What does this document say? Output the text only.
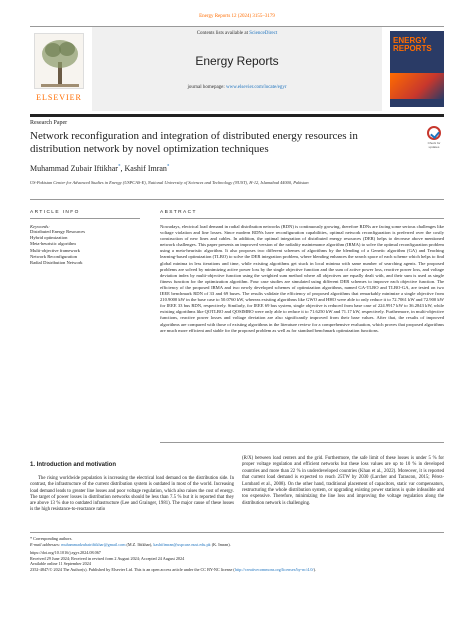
Energy Reports 12 (2024) 3155–3179
ELSEVIER
Contents lists available at ScienceDirect
Energy Reports
journal homepage: www.elsevier.com/locate/egyr
ENERGY REPORTS
Research Paper
Network reconfiguration and integration of distributed energy resources in distribution network by novel optimization techniques	Check for updates
Muhammad Zubair Iftikhar*, Kashif Imran*
US-Pakistan Center for Advanced Studies in Energy (USPCAS-E), National University of Sciences and Technology (NUST), H-12, Islamabad 44000, Pakistan
ARTICLE INFO
Keywords:
Distributed Energy Resources
Hybrid optimization
Meta-heuristic algorithm
Multi-objective framework
Network Reconfiguration
Radial Distribution Network
ABSTRACT
Nowadays, electrical load demand in radial distribution networks (RDN) is continuously growing, therefore RDNs are facing some serious challenges like voltage violation and line losses. Since modern RDNs have reconfiguration capabilities, optimal network reconfiguration is preferred over the costly construction of new lines and cables. In addition, the optimal integration of distributed energy resources (DER) helps to decrease above mentioned network challenges. This paper presents an improved version of the radiality maintenance algorithm (IRMA) to solve the optimal reconfiguration problem using a meta-heuristic algorithm. It also proposes two different schemes of algorithms by the blending of a Genetic algorithm (GA) and Teaching learning-based optimization (TLBO) to solve the DER integration problem, where blending enhances the search space of each scheme which helps to find global minima in less iterations and time, while existing algorithms get stuck in local minima with same number of searching agents. The proposed problems are solved by minimizing active power loss by the single objective function and the sum of active power loss, reactive power loss, and voltage deviation index by multi-objective function using the weighted sum method where all objectives are equally dealt with, and their sum is used as single fitness function for the optimization algorithm. Four case studies are simulated using different DER schemes to improve each objective function. The efficiency of the proposed IRMA and two newly developed schemes of optimization algorithms, named GA-TLBO and TLBO-GA, are tested on two IEEE benchmark RDN of 33 and 69 buses. The results validate the efficiency of proposed algorithms that remarkably minimize a single objective from 210.9000 kW in the base case to 50.0760 kW, whereas existing algorithms like GWO and HHO were able to only reduce it to 72.7061 kW and 72.900 kW for IEEE 33 bus RDN, respectively. Similarly, for IEEE 69 bus system, single objective is reduced from base case of 224.9917 kW to 36.2843 kW, while existing algorithms like QOTLBO and QOSIMBO were only able to reduce it to 71.6250 kW and 71.17 kW, respectively. Furthermore, in multi-objective functions, reactive power losses and voltage deviation are also significantly improved from their base values. After that, the results of improved algorithms are compared with those of existing algorithms in the literature review for a comprehensive evaluation, which proves that proposed algorithms are much more efficient and stable for the proposed problem as well as for standard benchmark optimization functions.
1. Introduction and motivation
The rising worldwide population is increasing the electrical load demand on the distribution side. In contrast, the infrastructure of the current distribution system is outdated in most of the world. Increasing load demand leads to greater line losses and poor voltage regulation, which also raises the cost of energy. The target of power losses in distribution networks should be less than 7.5 % but it is reported that they are above 13 % due to outdated infrastructure (Lee and Grainger, 1981). The major cause of these losses is the high resistance-to-reactance ratio
(R/X) between load centers and the grid. Furthermore, the safe limit of these losses is under 5 % for proper voltage regulation and efficient networks but these loss values are up to 10 % in developed countries and more than 22 % in underdeveloped countries (Khan et al., 2022). Moreover, it is reported that current load demand is expected to reach 25TW by 2030 (Larcher and Tarascon, 2015; Pérez-Lombard et al., 2008). On the other hand, traditional placement of capacitors, static var compensators, restructuring the whole distribution system, or upgrading existing power stations is quite infeasible and too expensive. Therefore, minimizing the line loss and improving the voltage regulation along the distribution network is challenging.
* Corresponding authors.
E-mail addresses: muhammadzubairiftikhar@gmail.com (M.Z. Iftikhar), kashifimran@uspcase.nust.edu.pk (K. Imran).
https://doi.org/10.1016/j.egyr.2024.08.067
Received 29 June 2024; Received in revised form 2 August 2024; Accepted 24 August 2024
Available online 11 September 2024
2352-4847/© 2024 The Author(s). Published by Elsevier Ltd. This is an open access article under the CC BY-NC license (http://creativecommons.org/licenses/by-nc/4.0/).
